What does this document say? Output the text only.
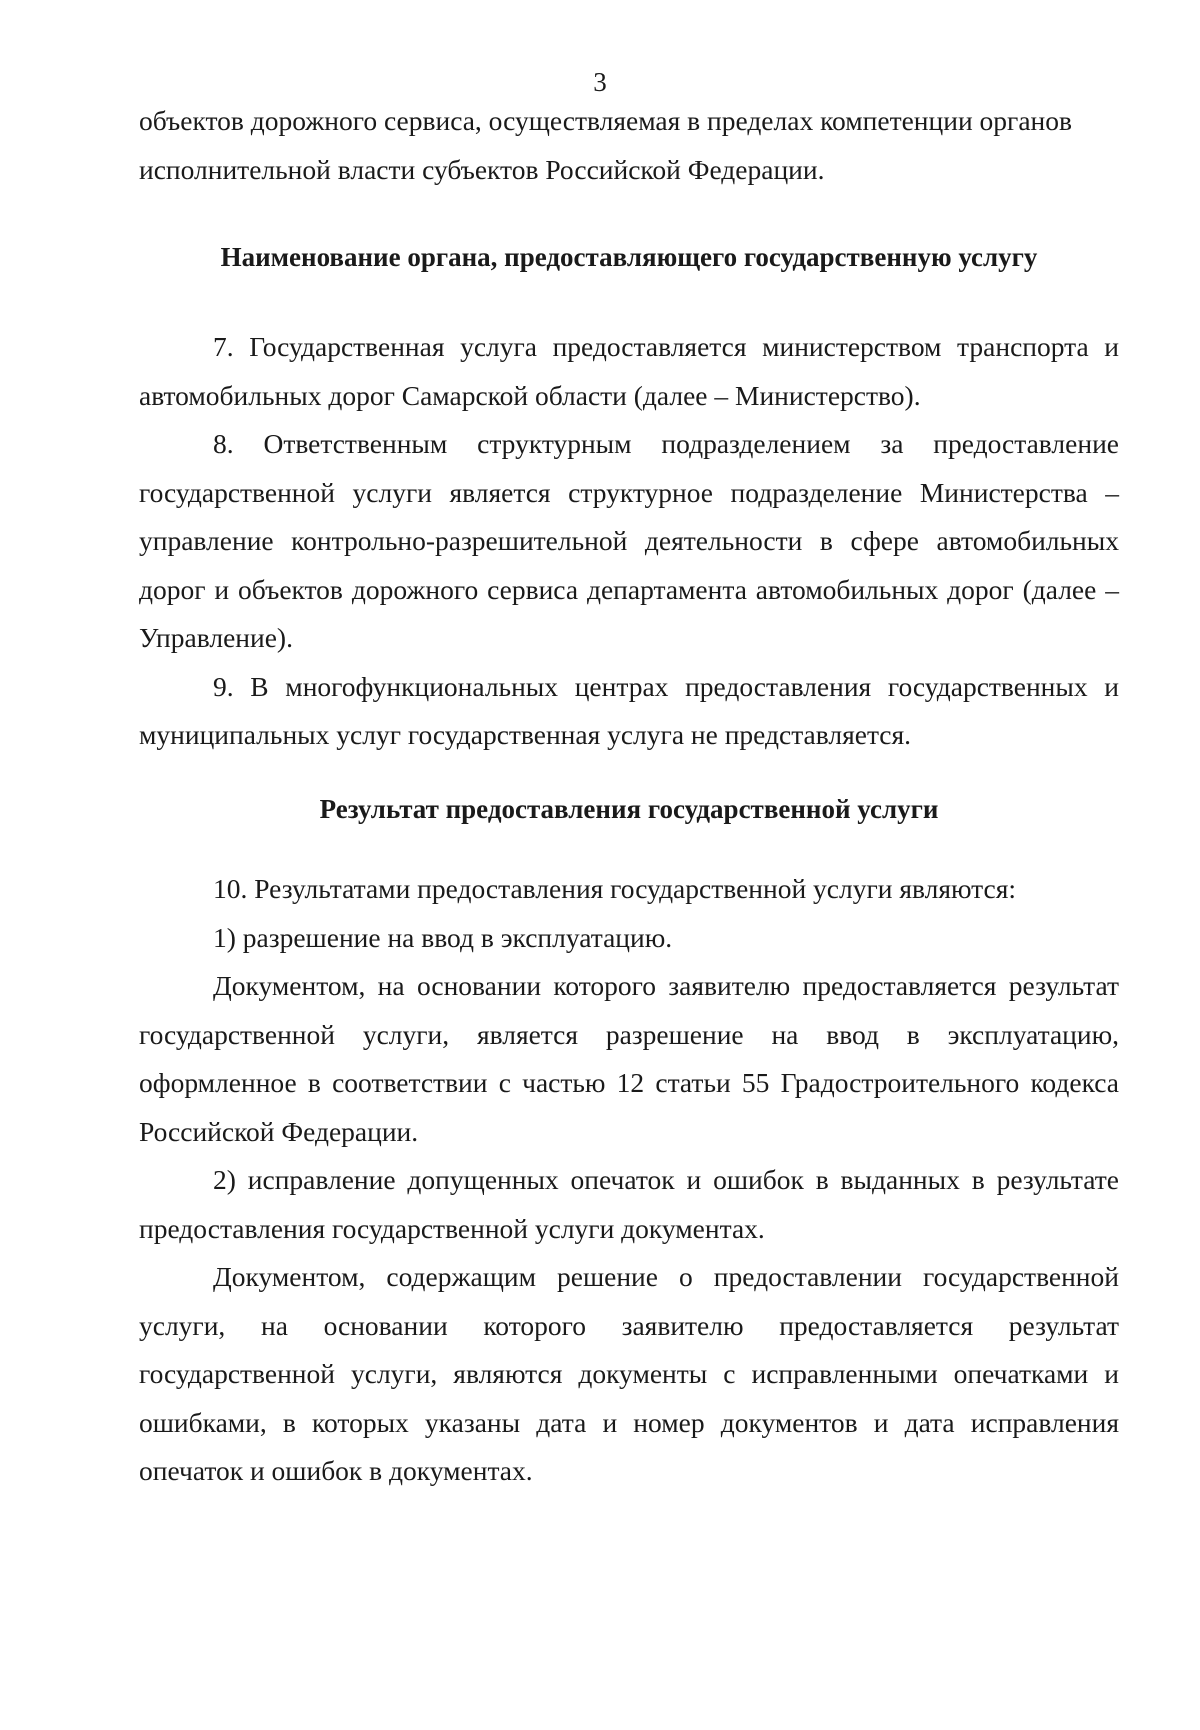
3

объектов дорожного сервиса, осуществляемая в пределах компетенции органов исполнительной власти субъектов Российской Федерации.

Наименование органа, предоставляющего государственную услугу

7. Государственная услуга предоставляется министерством транспорта и автомобильных дорог Самарской области (далее – Министерство).

8. Ответственным структурным подразделением за предоставление государственной услуги является структурное подразделение Министерства – управление контрольно-разрешительной деятельности в сфере автомобильных дорог и объектов дорожного сервиса департамента автомобильных дорог (далее – Управление).

9. В многофункциональных центрах предоставления государственных и муниципальных услуг государственная услуга не представляется.

Результат предоставления государственной услуги

10. Результатами предоставления государственной услуги являются:

1) разрешение на ввод в эксплуатацию.

Документом, на основании которого заявителю предоставляется результат государственной услуги, является разрешение на ввод в эксплуатацию, оформленное в соответствии с частью 12 статьи 55 Градостроительного кодекса Российской Федерации.

2) исправление допущенных опечаток и ошибок в выданных в результате предоставления государственной услуги документах.

Документом, содержащим решение о предоставлении государственной услуги, на основании которого заявителю предоставляется результат государственной услуги, являются документы с исправленными опечатками и ошибками, в которых указаны дата и номер документов и дата исправления опечаток и ошибок в документах.
